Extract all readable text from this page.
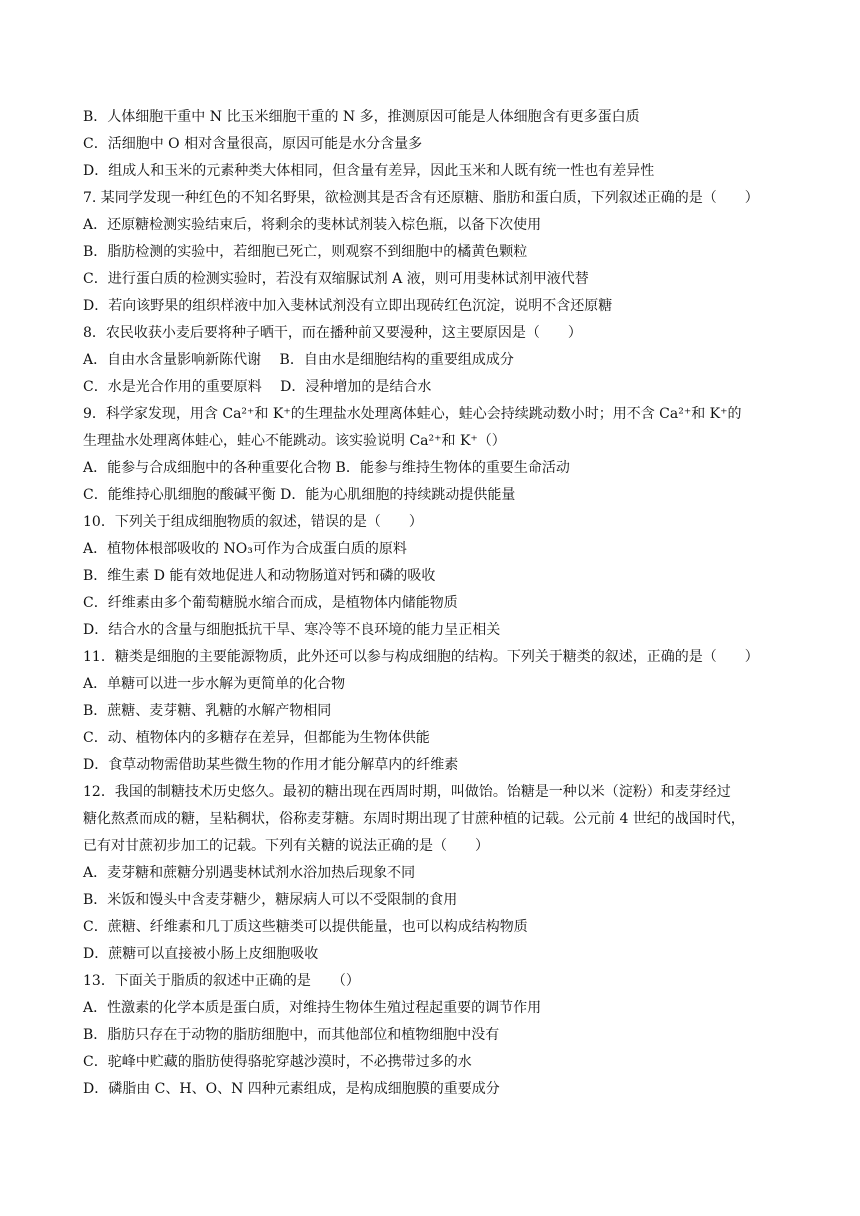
B．人体细胞干重中 N 比玉米细胞干重的 N 多，推测原因可能是人体细胞含有更多蛋白质
C．活细胞中 O 相对含量很高，原因可能是水分含量多
D．组成人和玉米的元素种类大体相同，但含量有差异，因此玉米和人既有统一性也有差异性
7. 某同学发现一种红色的不知名野果，欲检测其是否含有还原糖、脂肪和蛋白质，下列叙述正确的是（　　）
A．还原糖检测实验结束后，将剩余的斐林试剂装入棕色瓶，以备下次使用
B．脂肪检测的实验中，若细胞已死亡，则观察不到细胞中的橘黄色颗粒
C．进行蛋白质的检测实验时，若没有双缩脲试剂 A 液，则可用斐林试剂甲液代替
D．若向该野果的组织样液中加入斐林试剂没有立即出现砖红色沉淀，说明不含还原糖
8．农民收获小麦后要将种子晒干，而在播种前又要漫种，这主要原因是（　　）
A．自由水含量影响新陈代谢　 B．自由水是细胞结构的重要组成成分
C．水是光合作用的重要原料　 D．浸种增加的是结合水
9．科学家发现，用含 Ca²⁺和 K⁺的生理盐水处理离体蛙心，蛙心会持续跳动数小时；用不含 Ca²⁺和 K⁺的
生理盐水处理离体蛙心，蛙心不能跳动。该实验说明 Ca²⁺和 K⁺（）
A．能参与合成细胞中的各种重要化合物 B．能参与维持生物体的重要生命活动
C．能维持心肌细胞的酸碱平衡 D．能为心肌细胞的持续跳动提供能量
10．下列关于组成细胞物质的叙述，错误的是（　　）
A．植物体根部吸收的 NO₃可作为合成蛋白质的原料
B．维生素 D 能有效地促进人和动物肠道对钙和磷的吸收
C．纤维素由多个葡萄糖脱水缩合而成，是植物体内储能物质
D．结合水的含量与细胞抵抗干旱、寒冷等不良环境的能力呈正相关
11．糖类是细胞的主要能源物质，此外还可以参与构成细胞的结构。下列关于糖类的叙述，正确的是（　　）
A．单糖可以进一步水解为更简单的化合物
B．蔗糖、麦芽糖、乳糖的水解产物相同
C．动、植物体内的多糖存在差异，但都能为生物体供能
D．食草动物需借助某些微生物的作用才能分解草内的纤维素
12．我国的制糖技术历史悠久。最初的糖出现在西周时期，叫做饴。饴糖是一种以米（淀粉）和麦芽经过
糖化熬煮而成的糖，呈粘稠状，俗称麦芽糖。东周时期出现了甘蔗种植的记载。公元前 4 世纪的战国时代，
已有对甘蔗初步加工的记载。下列有关糖的说法正确的是（　　）
A．麦芽糖和蔗糖分别遇斐林试剂水浴加热后现象不同
B．米饭和馒头中含麦芽糖少，糖尿病人可以不受限制的食用
C．蔗糖、纤维素和几丁质这些糖类可以提供能量，也可以构成结构物质
D．蔗糖可以直接被小肠上皮细胞吸收
13．下面关于脂质的叙述中正确的是　　（）
A．性激素的化学本质是蛋白质，对维持生物体生殖过程起重要的调节作用
B．脂肪只存在于动物的脂肪细胞中，而其他部位和植物细胞中没有
C．驼峰中贮藏的脂肪使得骆驼穿越沙漠时，不必携带过多的水
D．磷脂由 C、H、O、N 四种元素组成，是构成细胞膜的重要成分
